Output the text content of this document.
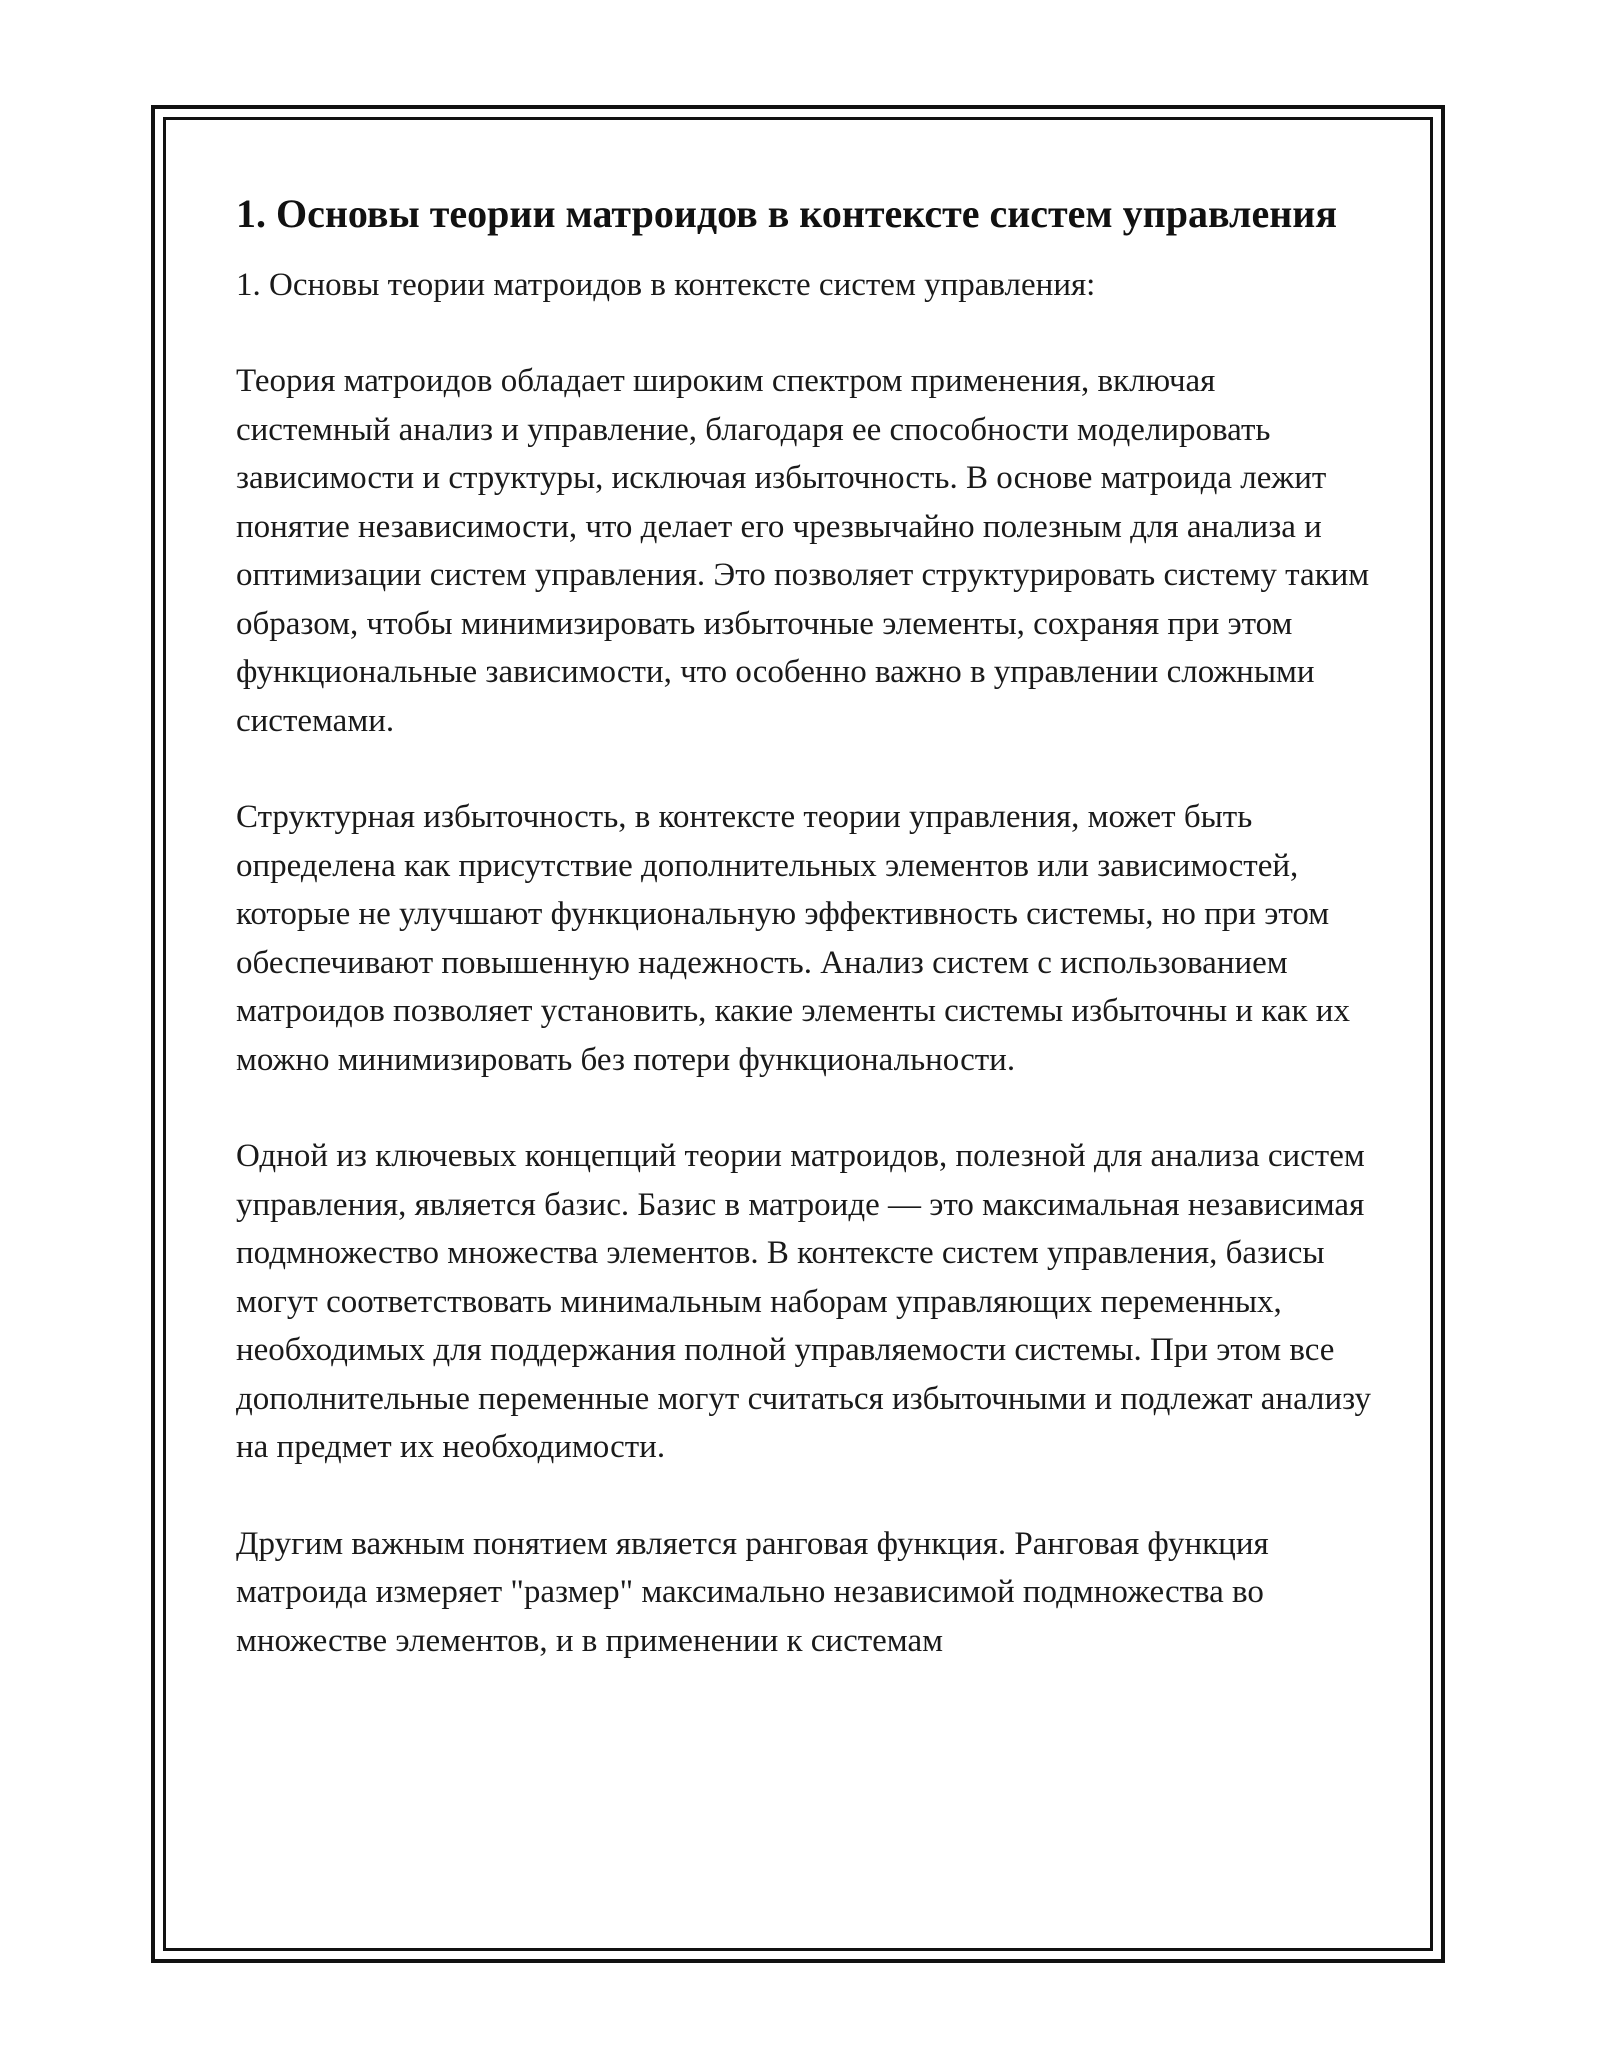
1. Основы теории матроидов в контексте систем управления

1. Основы теории матроидов в контексте систем управления:

Теория матроидов обладает широким спектром применения, включая системный анализ и управление, благодаря ее способности моделировать зависимости и структуры, исключая избыточность. В основе матроида лежит понятие независимости, что делает его чрезвычайно полезным для анализа и оптимизации систем управления. Это позволяет структурировать систему таким образом, чтобы минимизировать избыточные элементы, сохраняя при этом функциональные зависимости, что особенно важно в управлении сложными системами.

Структурная избыточность, в контексте теории управления, может быть определена как присутствие дополнительных элементов или зависимостей, которые не улучшают функциональную эффективность системы, но при этом обеспечивают повышенную надежность. Анализ систем с использованием матроидов позволяет установить, какие элементы системы избыточны и как их можно минимизировать без потери функциональности.

Одной из ключевых концепций теории матроидов, полезной для анализа систем управления, является базис. Базис в матроиде — это максимальная независимая подмножество множества элементов. В контексте систем управления, базисы могут соответствовать минимальным наборам управляющих переменных, необходимых для поддержания полной управляемости системы. При этом все дополнительные переменные могут считаться избыточными и подлежат анализу на предмет их необходимости.

Другим важным понятием является ранговая функция. Ранговая функция матроида измеряет "размер" максимально независимой подмножества во множестве элементов, и в применении к системам
